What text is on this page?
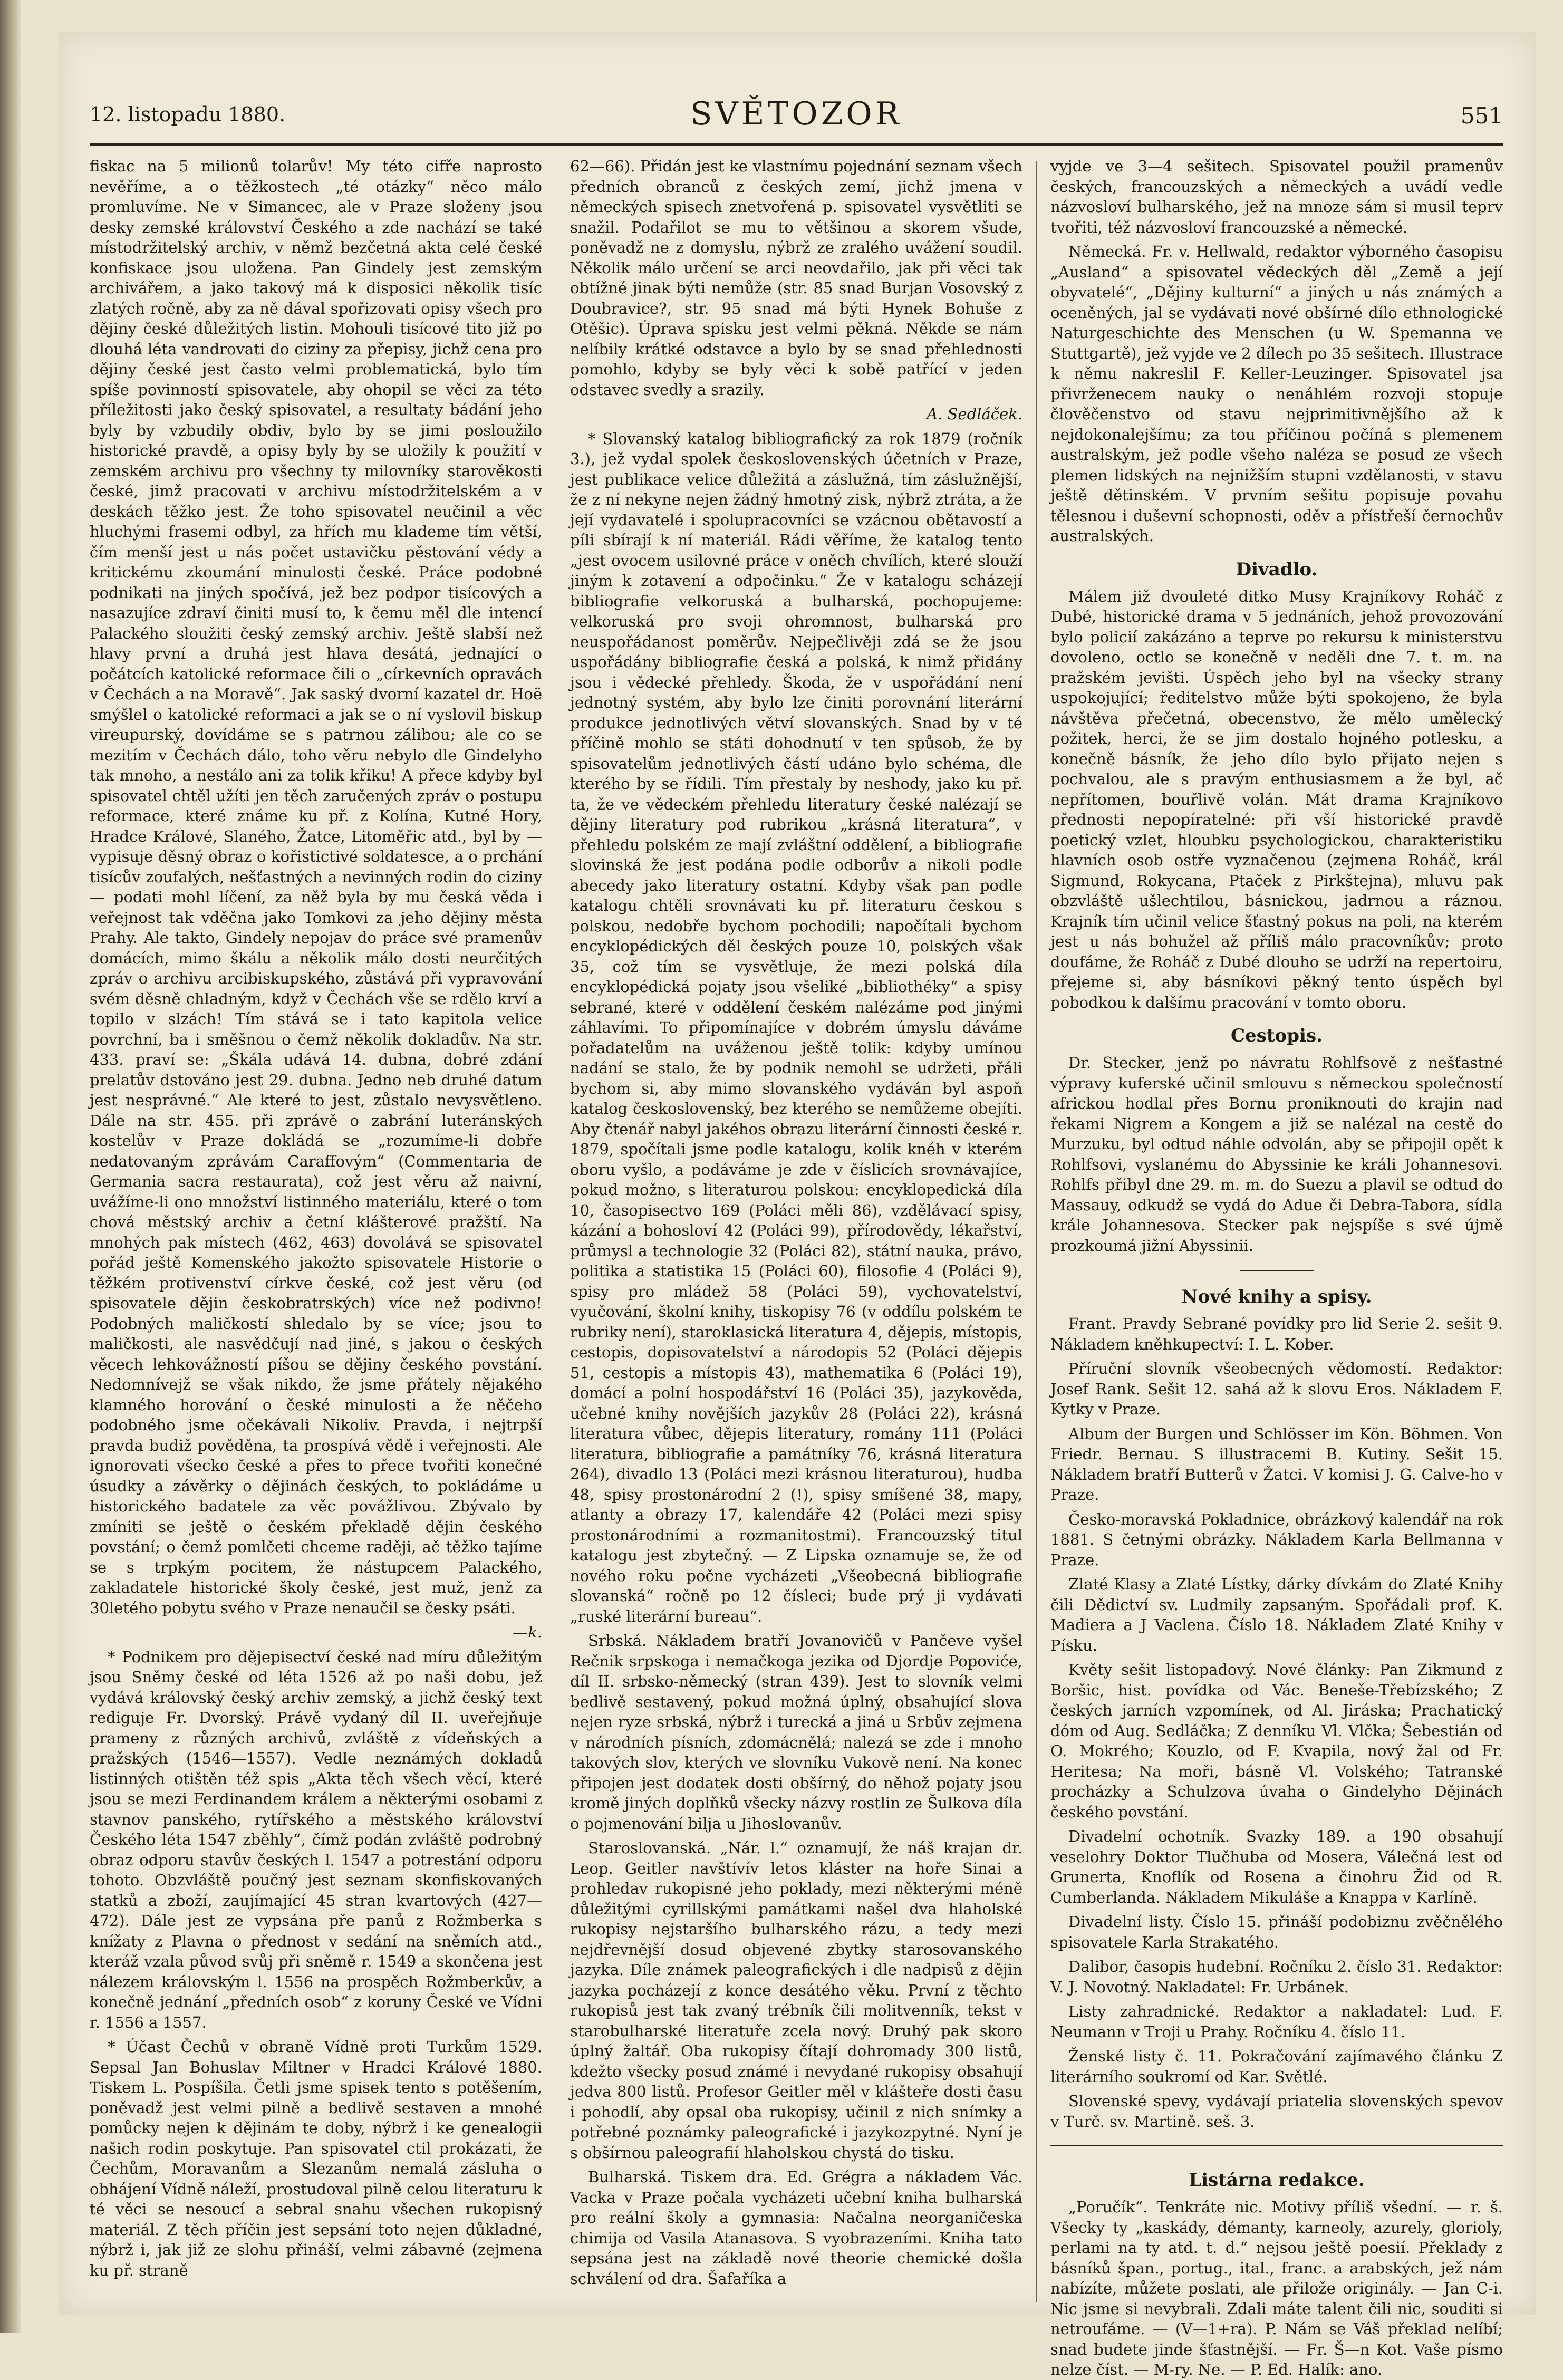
12. listopadu 1880.	SVĚTOZOR	551

fiskac na 5 milionů tolarův! My této cifře naprosto nevěříme, a o těžkostech „té otázky“ něco málo promluvíme. Ne v Simancec, ale v Praze složeny jsou desky zemské království Českého a zde nachází se také místodržitelský archiv, v němž bezčetná akta celé české konfiskace jsou uložena. Pan Gindely jest zemským archivářem, a jako takový má k disposici několik tisíc zlatých ročně, aby za ně dával spořizovati opisy všech pro dějiny české důležitých listin. Mohouli tisícové tito již po dlouhá léta vandrovati do ciziny za přepisy, jichž cena pro dějiny české jest často velmi problematická, bylo tím spíše povinností spisovatele, aby ohopil se věci za této příležitosti jako český spisovatel, a resultaty bádání jeho byly by vzbudily obdiv, bylo by se jimi posloužilo historické pravdě, a opisy byly by se uložily k použití v zemském archivu pro všechny ty milovníky starověkosti české, jimž pracovati v archivu místodržitelském a v deskách těžko jest. Že toho spisovatel neučinil a věc hluchými frasemi odbyl, za hřích mu klademe tím větší, čím menší jest u nás počet ustavičku pěstování védy a kritickému zkoumání minulosti české. Práce podobné podnikati na jiných spočívá, jež bez podpor tisícových a nasazujíce zdraví činiti musí to, k čemu měl dle intencí Palackého sloužiti český zemský archiv. Ještě slabší než hlavy první a druhá jest hlava desátá, jednající o počátcích katolické reformace čili o „církevních opravách v Čechách a na Moravě“. Jak saský dvorní kazatel dr. Hoë smýšlel o katolické reformaci a jak se o ní vyslovil biskup vireupurský, dovídáme se s patrnou zálibou; ale co se mezitím v Čechách dálo, toho věru nebylo dle Gindelyho tak mnoho, a nestálo ani za tolik křiku! A přece kdyby byl spisovatel chtěl užíti jen těch zaručených zpráv o postupu reformace, které známe ku př. z Kolína, Kutné Hory, Hradce Králové, Slaného, Žatce, Litoměřic atd., byl by — vypisuje děsný obraz o kořistictivé soldatesce, a o prchání tisícův zoufalých, nešťastných a nevinných rodin do ciziny — podati mohl líčení, za něž byla by mu česká věda i veřejnost tak vděčna jako Tomkovi za jeho dějiny města Prahy. Ale takto, Gindely nepojav do práce své pramenův domácích, mimo škálu a několik málo dosti neurčitých zpráv o archivu arcibiskupského, zůstává při vypravování svém děsně chladným, když v Čechách vše se rdělo krví a topilo v slzách! Tím stává se i tato kapitola velice povrchní, ba i směšnou o čemž několik dokladův. Na str. 433. praví se: „Škála udává 14. dubna, dobré zdání prelatův dstováno jest 29. dubna. Jedno neb druhé datum jest nesprávné.“ Ale které to jest, zůstalo nevysvětleno. Dále na str. 455. při zprávě o zabrání luteránských kostelův v Praze dokládá se „rozumíme-li dobře nedatovaným zprávám Caraffovým“ (Commentaria de Germania sacra restaurata), což jest věru až naivní, uvážíme-li ono množství listinného materiálu, které o tom chová městský archiv a četní klášterové pražští. Na mnohých pak místech (462, 463) dovolává se spisovatel pořád ještě Komenského jakožto spisovatele Historie o těžkém protivenství církve české, což jest věru (od spisovatele dějin českobratrských) více než podivno! Podobných maličkostí shledalo by se více; jsou to maličkosti, ale nasvědčují nad jiné, s jakou o českých věcech lehkovážností píšou se dějiny českého povstání. Nedomnívejž se však nikdo, že jsme přátely nějakého klamného horování o české minulosti a že něčeho podobného jsme očekávali Nikoliv. Pravda, i nejtrpší pravda budiž pověděna, ta prospívá vědě i veřejnosti. Ale ignorovati všecko české a přes to přece tvořiti konečné úsudky a závěrky o dějinách českých, to pokládáme u historického badatele za věc povážlivou. Zbývalo by zmíniti se ještě o českém překladě dějin českého povstání; o čemž pomlčeti chceme raději, ač těžko tajíme se s trpkým pocitem, že nástupcem Palackého, zakladatele historické školy české, jest muž, jenž za 30letého pobytu svého v Praze nenaučil se česky psáti.

—k.

* Podnikem pro dějepisectví české nad míru důležitým jsou Sněmy české od léta 1526 až po naši dobu, jež vydává královský český archiv zemský, a jichž český text rediguje Fr. Dvorský. Právě vydaný díl II. uveřejňuje prameny z různých archivů, zvláště z vídeňských a pražských (1546—1557). Vedle neznámých dokladů listinných otištěn též spis „Akta těch všech věcí, které jsou se mezi Ferdinandem králem a některými osobami z stavnov panského, rytířského a městského království Českého léta 1547 zběhly“, čímž podán zvláště podrobný obraz odporu stavův českých l. 1547 a potrestání odporu tohoto. Obzvláště poučný jest seznam skonfiskovaných statků a zboží, zaujímající 45 stran kvartových (427—472). Dále jest ze vypsána pře panů z Rožmberka s knížaty z Plavna o přednost v sedání na sněmích atd., kteráž vzala původ svůj při sněmě r. 1549 a skončena jest nálezem královským l. 1556 na prospěch Rožmberkův, a konečně jednání „předních osob“ z koruny České ve Vídni r. 1556 a 1557.

* Účast Čechů v obraně Vídně proti Turkům 1529. Sepsal Jan Bohuslav Miltner v Hradci Králové 1880. Tiskem L. Pospíšila. Četli jsme spisek tento s potěšením, poněvadž jest velmi pilně a bedlivě sestaven a mnohé pomůcky nejen k dějinám te doby, nýbrž i ke genealogii našich rodin poskytuje. Pan spisovatel ctil prokázati, že Čechům, Moravanům a Slezanům nemalá zásluha o obhájení Vídně náleží, prostudoval pilně celou literaturu k té věci se nesoucí a sebral snahu všechen rukopisný materiál. Z těch příčin jest sepsání toto nejen důkladné, nýbrž i, jak již ze slohu přináší, velmi zábavné (zejmena ku př. straně

62—66). Přidán jest ke vlastnímu pojednání seznam všech předních obranců z českých zemí, jichž jmena v německých spisech znetvořená p. spisovatel vysvětliti se snažil. Podařilot se mu to většinou a skorem všude, poněvadž ne z domyslu, nýbrž ze zralého uvážení soudil. Několik málo určení se arci neovdařilo, jak při věci tak obtížné jinak býti nemůže (str. 85 snad Burjan Vosovský z Doubravice?, str. 95 snad má býti Hynek Bohuše z Otěšic). Úprava spisku jest velmi pěkná. Někde se nám nelíbily krátké odstavce a bylo by se snad přehlednosti pomohlo, kdyby se byly věci k sobě patřící v jeden odstavec svedly a srazily.

A. Sedláček.

* Slovanský katalog bibliografický za rok 1879 (ročník 3.), jež vydal spolek československých účetních v Praze, jest publikace velice důležitá a záslužná, tím záslužnější, že z ní nekyne nejen žádný hmotný zisk, nýbrž ztráta, a že její vydavatelé i spolupracovníci se vzácnou obětavostí a píli sbírají k ní materiál. Rádi věříme, že katalog tento „jest ovocem usilovné práce v oněch chvílích, které slouží jiným k zotavení a odpočinku.“ Že v katalogu scházejí bibliografie velkoruská a bulharská, pochopujeme: velkoruská pro svoji ohromnost, bulharská pro neuspořádanost poměrův. Nejpečlivěji zdá se že jsou uspořádány bibliografie česká a polská, k nimž přidány jsou i vědecké přehledy. Škoda, že v uspořádání není jednotný systém, aby bylo lze činiti porovnání literární produkce jednotlivých větví slovanských. Snad by v té příčině mohlo se státi dohodnutí v ten spůsob, že by spisovatelům jednotlivých částí udáno bylo schéma, dle kterého by se řídili. Tím přestaly by neshody, jako ku př. ta, že ve vědeckém přehledu literatury české nalézají se dějiny literatury pod rubrikou „krásná literatura“, v přehledu polském ze mají zvláštní oddělení, a bibliografie slovinská že jest podána podle odborův a nikoli podle abecedy jako literatury ostatní. Kdyby však pan podle katalogu chtěli srovnávati ku př. literaturu českou s polskou, nedobře bychom pochodili; napočítali bychom encyklopédických děl českých pouze 10, polských však 35, což tím se vysvětluje, že mezi polská díla encyklopédická pojaty jsou všeliké „bibliothéky“ a spisy sebrané, které v oddělení českém nalézáme pod jinými záhlavími. To připomínajíce v dobrém úmyslu dáváme pořadatelům na uváženou ještě tolik: kdyby umínou nadání se stalo, že by podnik nemohl se udržeti, přáli bychom si, aby mimo slovanského vydáván byl aspoň katalog československý, bez kterého se nemůžeme obejíti. Aby čtenář nabyl jakéhos obrazu literární činnosti české r. 1879, spočítali jsme podle katalogu, kolik knéh v kterém oboru vyšlo, a podáváme je zde v číslicích srovnávajíce, pokud možno, s literaturou polskou: encyklopedická díla 10, časopisectvo 169 (Poláci měli 86), vzdělávací spisy, kázání a bohosloví 42 (Poláci 99), přírodovědy, lékařství, průmysl a technologie 32 (Poláci 82), státní nauka, právo, politika a statistika 15 (Poláci 60), filosofie 4 (Poláci 9), spisy pro mládež 58 (Poláci 59), vychovatelství, vyučování, školní knihy, tiskopisy 76 (v oddílu polském te rubriky není), staroklasická literatura 4, dějepis, místopis, cestopis, dopisovatelství a národopis 52 (Poláci dějepis 51, cestopis a místopis 43), mathematika 6 (Poláci 19), domácí a polní hospodářství 16 (Poláci 35), jazykověda, učebné knihy novějších jazykův 28 (Poláci 22), krásná literatura vůbec, dějepis literatury, romány 111 (Poláci literatura, bibliografie a památníky 76, krásná literatura 264), divadlo 13 (Poláci mezi krásnou literaturou), hudba 48, spisy prostonárodní 2 (!), spisy smíšené 38, mapy, atlanty a obrazy 17, kalendáře 42 (Poláci mezi spisy prostonárodními a rozmanitostmi). Francouzský titul katalogu jest zbytečný. — Z Lipska oznamuje se, že od nového roku počne vycházeti „Všeobecná bibliografie slovanská“ ročně po 12 čísleci; bude prý ji vydávati „ruské literární bureau“.

Srbská. Nákladem bratří Jovanovičů v Pančeve vyšel Rečnik srpskoga i nemačkoga jezika od Djordje Popoviće, díl II. srbsko-německý (stran 439). Jest to slovník velmi bedlivě sestavený, pokud možná úplný, obsahující slova nejen ryze srbská, nýbrž i turecká a jiná u Srbův zejmena v národních písních, zdomácnělá; nalezá se zde i mnoho takových slov, kterých ve slovníku Vukově není. Na konec připojen jest dodatek dosti obšírný, do něhož pojaty jsou kromě jiných doplňků všecky názvy rostlin ze Šulkova díla o pojmenování bilja u Jihoslovanův.

Staroslovanská. „Nár. l.“ oznamují, že náš krajan dr. Leop. Geitler navštívív letos kláster na hoře Sinai a prohledav rukopisné jeho poklady, mezi některými méně důležitými cyrillskými památkami našel dva hlaholské rukopisy nejstaršího bulharského rázu, a tedy mezi nejdřevnější dosud objevené zbytky starosovanského jazyka. Díle známek paleografických i dle nadpisů z dějin jazyka pocházejí z konce desátého věku. První z těchto rukopisů jest tak zvaný trébník čili molitvenník, tekst v starobulharské literatuře zcela nový. Druhý pak skoro úplný žaltář. Oba rukopisy čítají dohromady 300 listů, kdežto všecky posud známé i nevydané rukopisy obsahují jedva 800 listů. Profesor Geitler měl v klášteře dosti času i pohodlí, aby opsal oba rukopisy, učinil z nich snímky a potřebné poznámky paleografické i jazykozpytné. Nyní je s obšírnou paleografií hlaholskou chystá do tisku.

Bulharská. Tiskem dra. Ed. Grégra a nákladem Vác. Vacka v Praze počala vycházeti učební kniha bulharská pro reální školy a gymnasia: Načalna neorganičeska chimija od Vasila Atanasova. S vyobrazeními. Kniha tato sepsána jest na základě nové theorie chemické došla schválení od dra. Šafaříka a

vyjde ve 3—4 sešitech. Spisovatel použil pramenův českých, francouzských a německých a uvádí vedle názvosloví bulharského, jež na mnoze sám si musil teprv tvořiti, též názvosloví francouzské a německé.

Německá. Fr. v. Hellwald, redaktor výborného časopisu „Ausland“ a spisovatel vědeckých děl „Země a její obyvatelé“, „Dějiny kulturní“ a jiných u nás známých a oceněných, jal se vydávati nové obšírné dílo ethnologické Naturgeschichte des Menschen (u W. Spemanna ve Stuttgartě), jež vyjde ve 2 dílech po 35 sešitech. Illustrace k němu nakreslil F. Keller-Leuzinger. Spisovatel jsa přivrženecem nauky o nenáhlém rozvoji stopuje člověčenstvo od stavu nejprimitivnějšího až k nejdokonalejšímu; za tou příčinou počíná s plemenem australským, jež podle všeho naléza se posud ze všech plemen lidských na nejnižším stupni vzdělanosti, v stavu ještě dětinském. V prvním sešitu popisuje povahu tělesnou i duševní schopnosti, oděv a přístřeší černochův australských.

Divadlo.

Málem již dvouleté ditko Musy Krajníkovy Roháč z Dubé, historické drama v 5 jednáních, jehož provozování bylo policií zakázáno a teprve po rekursu k ministerstvu dovoleno, octlo se konečně v neděli dne 7. t. m. na pražském jevišti. Úspěch jeho byl na všecky strany uspokojující; ředitelstvo může býti spokojeno, že byla návštěva přečetná, obecenstvo, že mělo umělecký požitek, herci, že se jim dostalo hojného potlesku, a konečně básník, že jeho dílo bylo přijato nejen s pochvalou, ale s pravým enthusiasmem a že byl, ač nepřítomen, bouřlivě volán. Mát drama Krajníkovo přednosti nepopíratelné: při vší historické pravdě poetický vzlet, hloubku psychologickou, charakteristiku hlavních osob ostře vyznačenou (zejmena Roháč, král Sigmund, Rokycana, Ptaček z Pirkštejna), mluvu pak obzvláště ušlechtilou, básnickou, jadrnou a ráznou. Krajník tím učinil velice šťastný pokus na poli, na kterém jest u nás bohužel až příliš málo pracovníkův; proto doufáme, že Roháč z Dubé dlouho se udrží na repertoiru, přejeme si, aby básníkovi pěkný tento úspěch byl pobodkou k dalšímu pracování v tomto oboru.

Cestopis.

Dr. Stecker, jenž po návratu Rohlfsově z nešťastné výpravy kuferské učinil smlouvu s německou společností africkou hodlal přes Bornu proniknouti do krajin nad řekami Nigrem a Kongem a již se nalézal na cestě do Murzuku, byl odtud náhle odvolán, aby se připojil opět k Rohlfsovi, vyslanému do Abyssinie ke králi Johannesovi. Rohlfs přibyl dne 29. m. m. do Suezu a plavil se odtud do Massauy, odkudž se vydá do Adue či Debra-Tabora, sídla krále Johannesova. Stecker pak nejspíše s své újmě prozkoumá jižní Abyssinii.

Nové knihy a spisy.

Frant. Pravdy Sebrané povídky pro lid Serie 2. sešit 9. Nákladem kněhkupectví: I. L. Kober.

Příruční slovník všeobecných vědomostí. Redaktor: Josef Rank. Sešit 12. sahá až k slovu Eros. Nákladem F. Kytky v Praze.

Album der Burgen und Schlösser im Kön. Böhmen. Von Friedr. Bernau. S illustracemi B. Kutiny. Sešit 15. Nákladem bratří Butterů v Žatci. V komisi J. G. Calve-ho v Praze.

Česko-moravská Pokladnice, obrázkový kalendář na rok 1881. S četnými obrázky. Nákladem Karla Bellmanna v Praze.

Zlaté Klasy a Zlaté Lístky, dárky dívkám do Zlaté Knihy čili Dědictví sv. Ludmily zapsaným. Spořádali prof. K. Madiera a J Vaclena. Číslo 18. Nákladem Zlaté Knihy v Písku.

Květy sešit listopadový. Nové články: Pan Zikmund z Boršic, hist. povídka od Vác. Beneše-Třebízského; Z českých jarních vzpomínek, od Al. Jiráska; Prachatický dóm od Aug. Sedláčka; Z denníku Vl. Vlčka; Šebestián od O. Mokrého; Kouzlo, od F. Kvapila, nový žal od Fr. Heritesa; Na moři, básně Vl. Volského; Tatranské procházky a Schulzova úvaha o Gindelyho Dějinách českého povstání.

Divadelní ochotník. Svazky 189. a 190 obsahují veselohry Doktor Tlučhuba od Mosera, Válečná lest od Grunerta, Knoflík od Rosena a činohru Žid od R. Cumberlanda. Nákladem Mikuláše a Knappa v Karlíně.

Divadelní listy. Číslo 15. přináší podobiznu zvěčnělého spisovatele Karla Strakatého.

Dalibor, časopis hudební. Ročníku 2. číslo 31. Redaktor: V. J. Novotný. Nakladatel: Fr. Urbánek.

Listy zahradnické. Redaktor a nakladatel: Lud. F. Neumann v Troji u Prahy. Ročníku 4. číslo 11.

Ženské listy č. 11. Pokračování zajímavého článku Z literárního soukromí od Kar. Světlé.

Slovenské spevy, vydávají priatelia slovenských spevov v Turč. sv. Martině. seš. 3.

Listárna redakce.

„Poručík“. Tenkráte nic. Motivy příliš všední. — r. š. Všecky ty „kaskády, démanty, karneoly, azurely, glorioly, perlami na ty atd. t. d.“ nejsou ještě poesií. Překlady z básníků špan., portug., ital., franc. a arabských, jež nám nabízíte, můžete poslati, ale přilože originály. — Jan C-i. Nic jsme si nevybrali. Zdali máte talent čili nic, souditi si netroufáme. — (V—1+ra). P. Nám se Váš překlad nelíbí; snad budete jinde šťastnější. — Fr. Š—n Kot. Vaše písmo nelze číst. — M-ry. Ne. — P. Ed. Halík: ano.
